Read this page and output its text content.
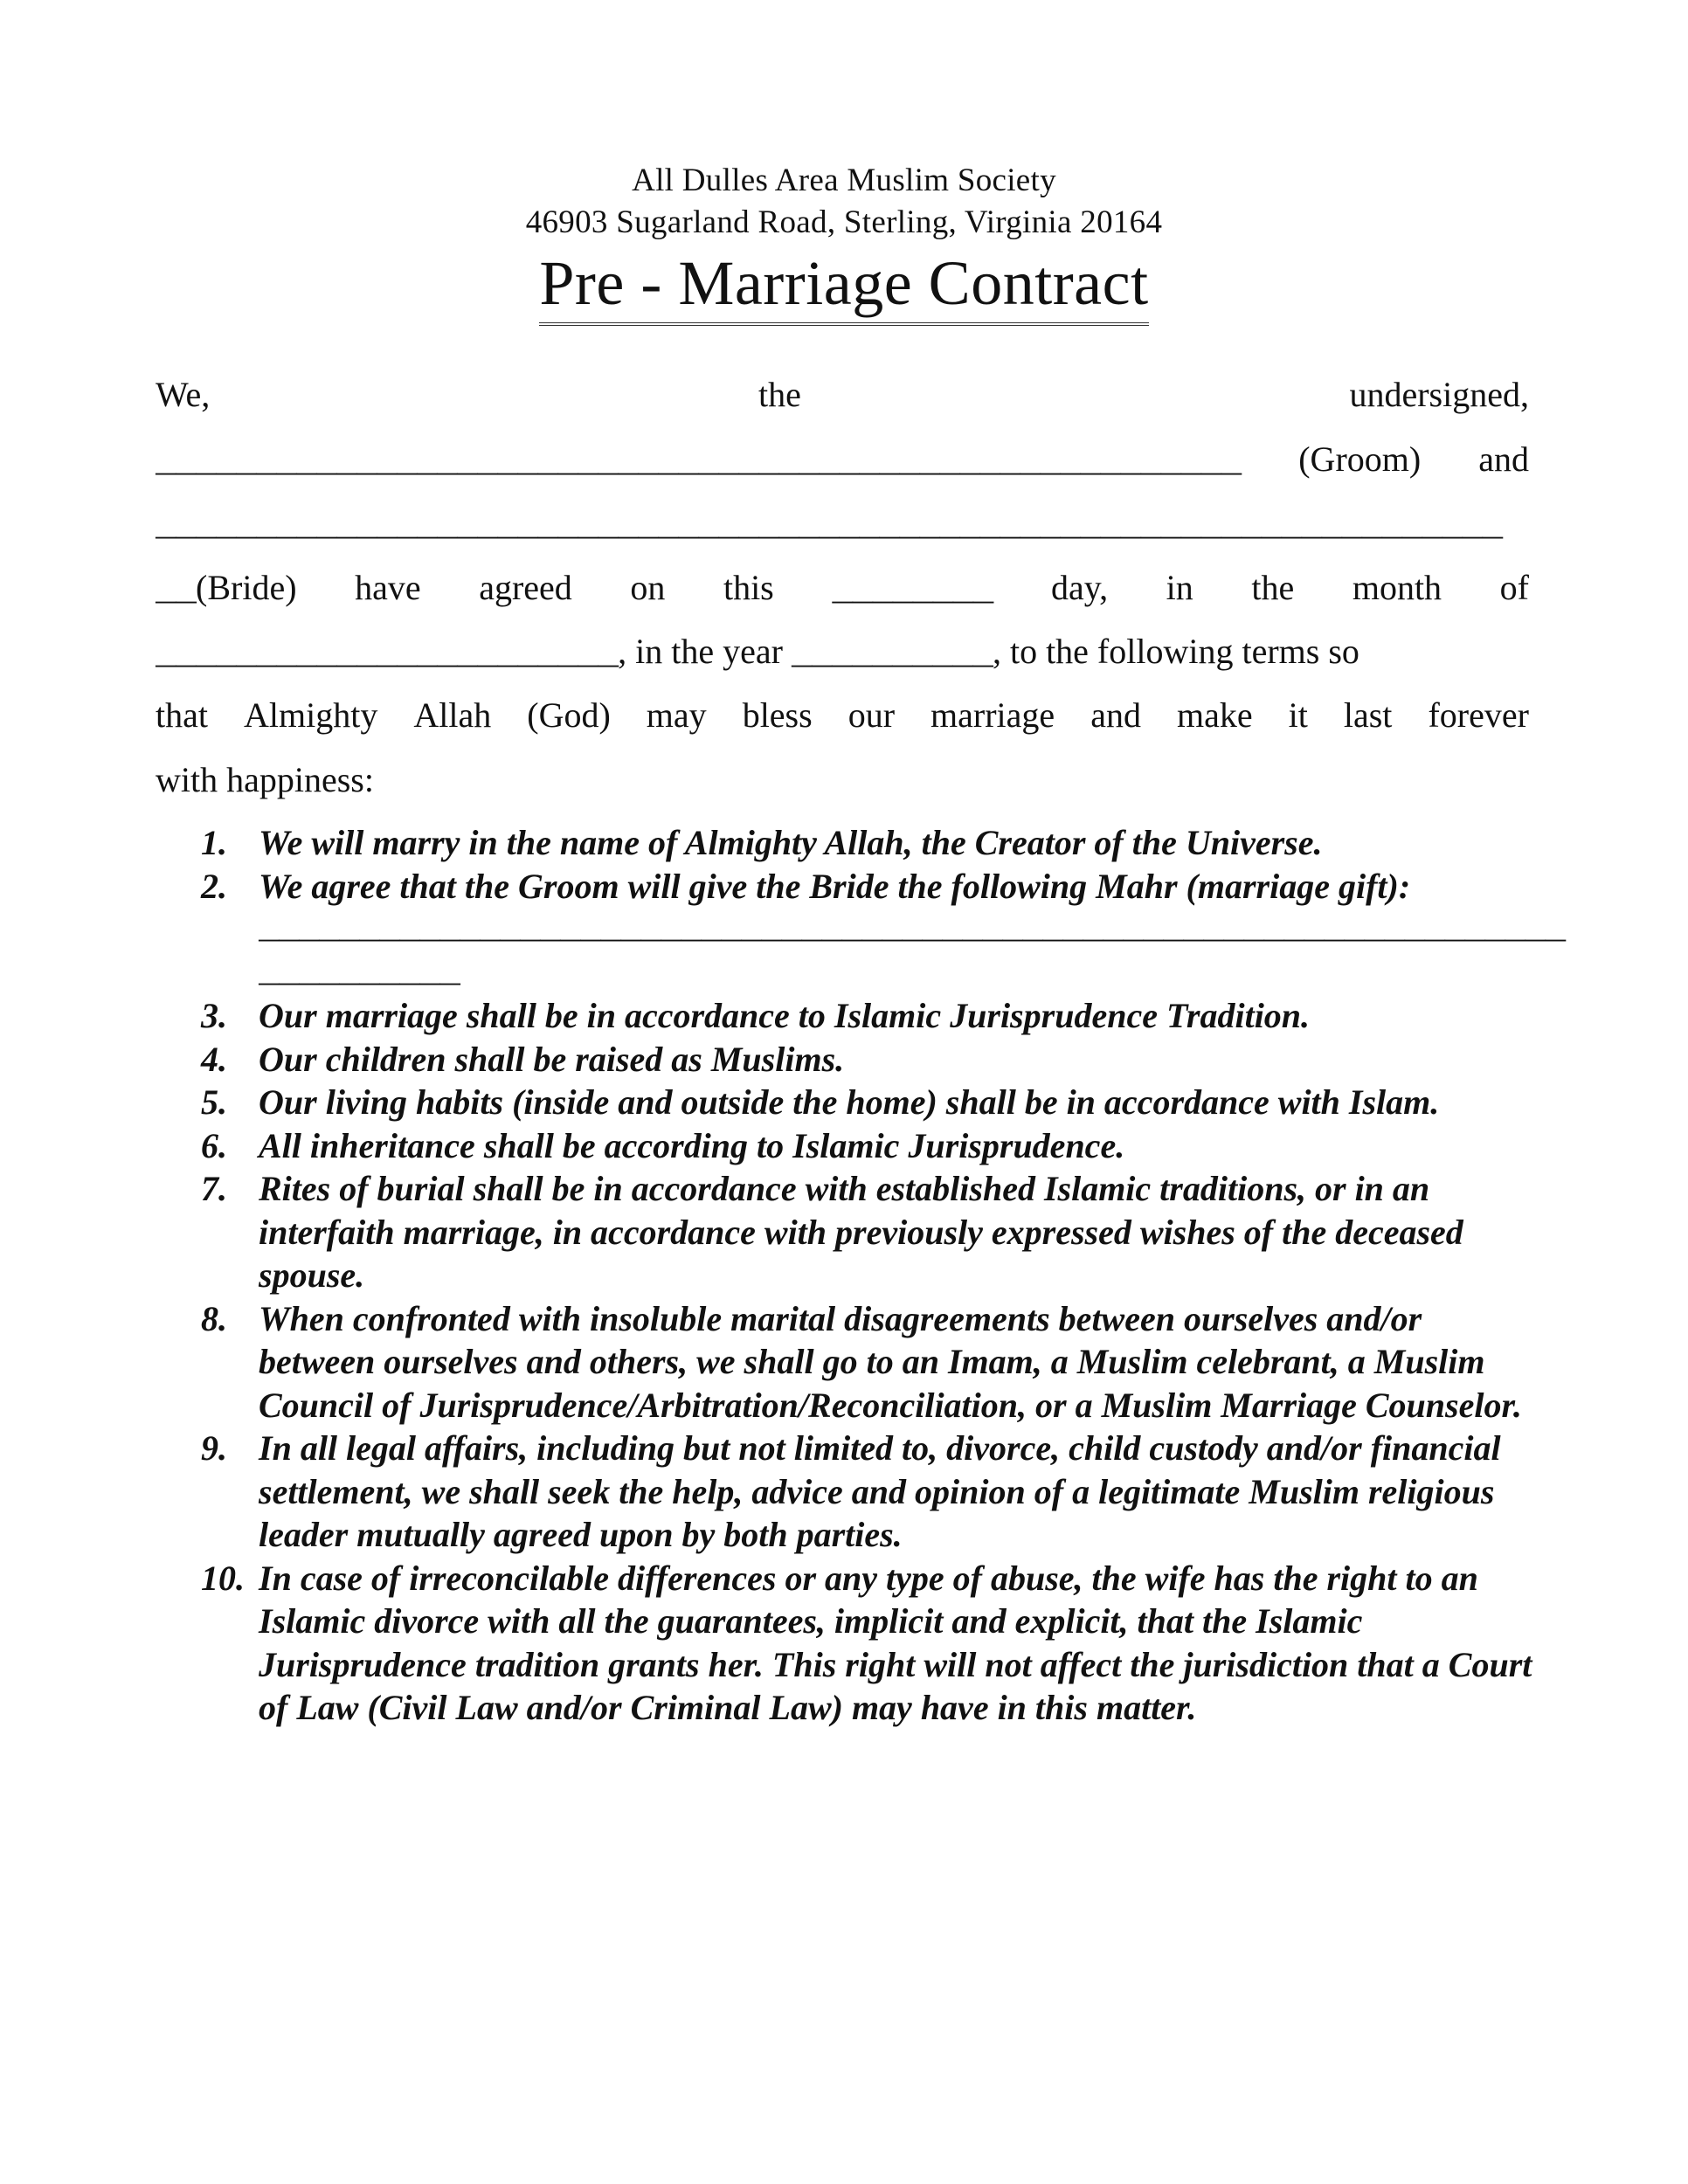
All Dulles Area Muslim Society
46903 Sugarland Road, Sterling, Virginia 20164
Pre - Marriage Contract
We,	the	undersigned,
______________________________________________________ (Groom) and
___________________________________________________________________
__(Bride) have agreed on this ________ day, in the month of
_______________________, in the year __________, to the following terms so
that Almighty Allah (God) may bless our marriage and make it last forever
with happiness:
1. We will marry in the name of Almighty Allah, the Creator of the Universe.
2. We agree that the Groom will give the Bride the following Mahr (marriage gift):
_________________________________________________________________
__________
3. Our marriage shall be in accordance to Islamic Jurisprudence Tradition.
4. Our children shall be raised as Muslims.
5. Our living habits (inside and outside the home) shall be in accordance with Islam.
6. All inheritance shall be according to Islamic Jurisprudence.
7. Rites of burial shall be in accordance with established Islamic traditions, or in an interfaith marriage, in accordance with previously expressed wishes of the deceased spouse.
8. When confronted with insoluble marital disagreements between ourselves and/or between ourselves and others, we shall go to an Imam, a Muslim celebrant, a Muslim Council of Jurisprudence/Arbitration/Reconciliation, or a Muslim Marriage Counselor.
9. In all legal affairs, including but not limited to, divorce, child custody and/or financial settlement, we shall seek the help, advice and opinion of a legitimate Muslim religious leader mutually agreed upon by both parties.
10. In case of irreconcilable differences or any type of abuse, the wife has the right to an Islamic divorce with all the guarantees, implicit and explicit, that the Islamic Jurisprudence tradition grants her. This right will not affect the jurisdiction that a Court of Law (Civil Law and/or Criminal Law) may have in this matter.
